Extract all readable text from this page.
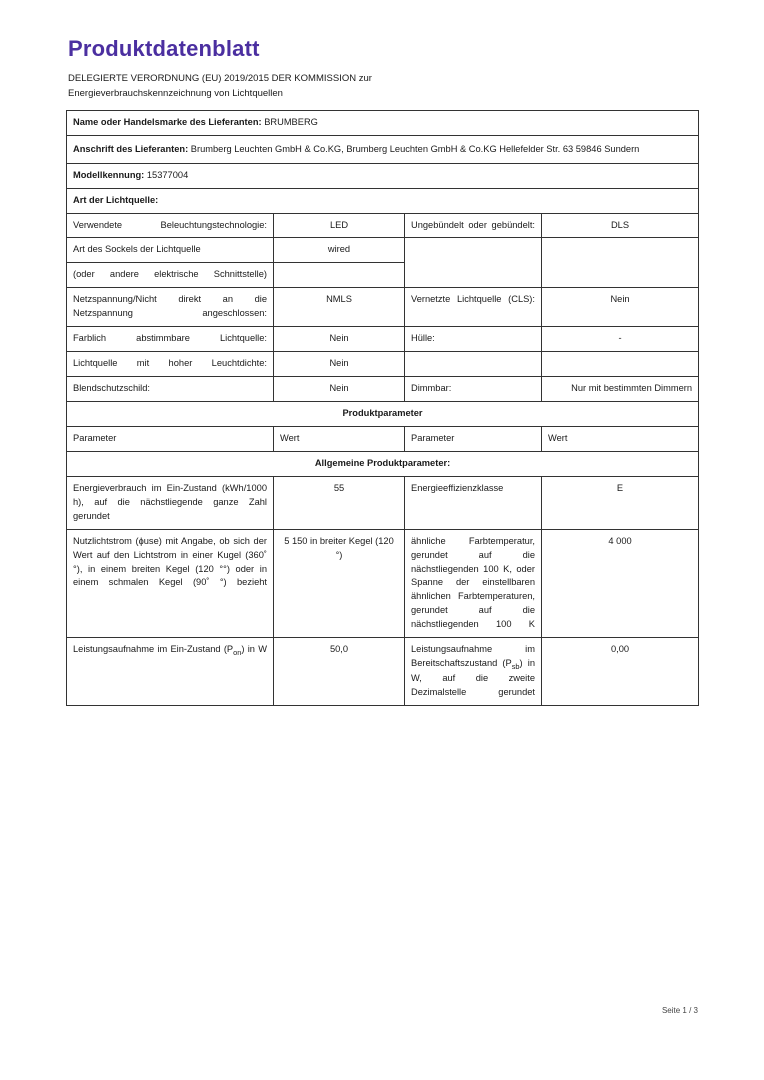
Produktdatenblatt

DELEGIERTE VERORDNUNG (EU) 2019/2015 DER KOMMISSION zur
Energieverbrauchskennzeichnung von Lichtquellen

Name oder Handelsmarke des Lieferanten: BRUMBERG			
Anschrift des Lieferanten: Brumberg Leuchten GmbH & Co.KG, Brumberg Leuchten GmbH & Co.KG Hellefelder Str. 63 59846 Sundern			
Modellkennung: 15377004			
Art der Lichtquelle:			
Verwendete Beleuchtungstechnologie:	LED	Ungebündelt oder gebündelt:	DLS
Art des Sockels der Lichtquelle	wired		
(oder andere elektrische Schnittstelle)			
Netzspannung/Nicht direkt an die Netzspannung angeschlossen:	NMLS	Vernetzte Lichtquelle (CLS):	Nein
Farblich abstimmbare Lichtquelle:	Nein	Hülle:	-
Lichtquelle mit hoher Leuchtdichte:	Nein		
Blendschutzschild:	Nein	Dimmbar:	Nur mit bestimmten Dimmern
Produktparameter			
Parameter	Wert	Parameter	Wert
Allgemeine Produktparameter:			
Energieverbrauch im Ein-Zustand (kWh/1000 h), auf die nächstliegende ganze Zahl gerundet	55	Energieeffizienzklasse	E
Nutzlichtstrom (ɸuse) mit Angabe, ob sich der Wert auf den Lichtstrom in einer Kugel (360˚ °), in einem breiten Kegel (120 °°) oder in einem schmalen Kegel (90˚ °) bezieht	5 150 in breiter Kegel (120 °)	ähnliche Farbtemperatur, gerundet auf die nächstliegenden 100 K, oder Spanne der einstellbaren ähnlichen Farbtemperaturen, gerundet auf die nächstliegenden 100 K	4 000
Leistungsaufnahme im Ein-Zustand $(P_{on})$ in W	50,0	Leistungsaufnahme im Bereitschaftszustand $(P_{sb})$ in W, auf die zweite Dezimalstelle gerundet	0,00
Seite 1 / 3
